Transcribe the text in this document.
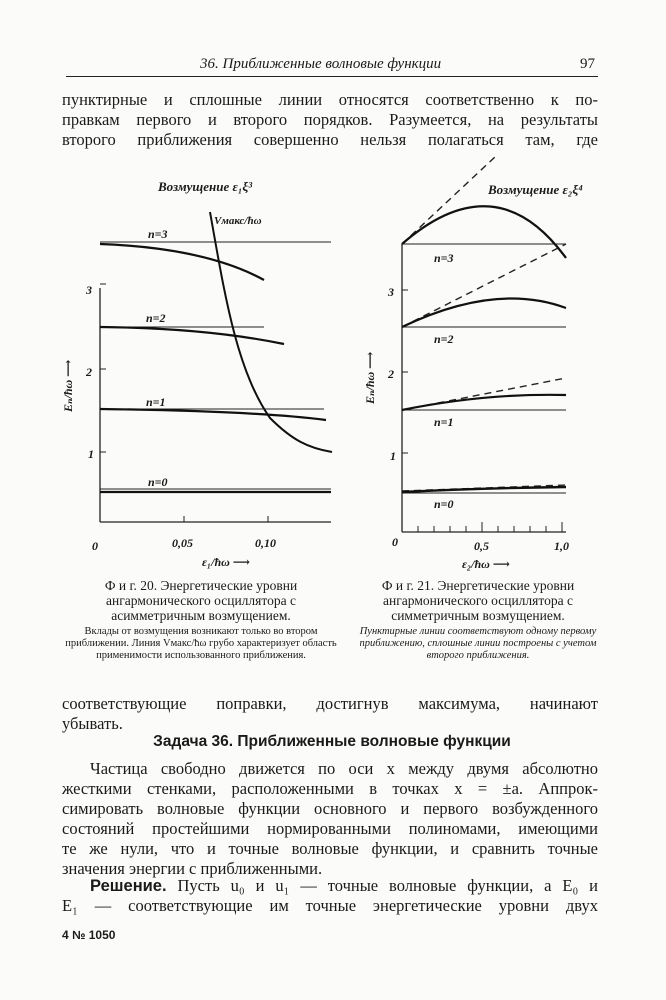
36. Приближенные волновые функции	97
пунктирные и сплошные линии относятся соответственно к по-
правкам первого и второго порядков. Разумеется, на результаты
второго приближения совершенно нельзя полагаться там, где
Возмущение ε₁ξ³
Vмакс/ħω
3
2
1
Eₙ/ħω ⟶
0	0,05	0,10
ε₁/ħω ⟶
n=3
n=2
n=1
n=0
Возмущение ε₂ξ⁴
3
2
1
Eₙ/ħω ⟶
0	0,5	1,0
ε₂/ħω ⟶
n=3
n=2
n=1
n=0
Ф и г. 20. Энергетические уровни ангармонического осциллятора с асимметричным возмущением.
Вклады от возмущения возникают только во втором приближении. Линия Vмакс/ħω грубо характеризует область применимости использованного приближения.
Ф и г. 21. Энергетические уровни ангармонического осциллятора с симметричным возмущением.
Пунктирные линии соответствуют одному первому приближению, сплошные линии построены с учетом второго приближения.
соответствующие поправки, достигнув максимума, начинают
убывать.
Задача 36. Приближенные волновые функции
Частица свободно движется по оси x между двумя абсолютно
жесткими стенками, расположенными в точках x = ±a. Аппрок-
симировать волновые функции основного и первого возбужденного
состояний простейшими нормированными полиномами, имеющими
те же нули, что и точные волновые функции, и сравнить точные
значения энергии с приближенными.
Решение. Пусть u₀ и u₁ — точные волновые функции, а E₀ и
E₁ — соответствующие им точные энергетические уровни двух
4 № 1050
